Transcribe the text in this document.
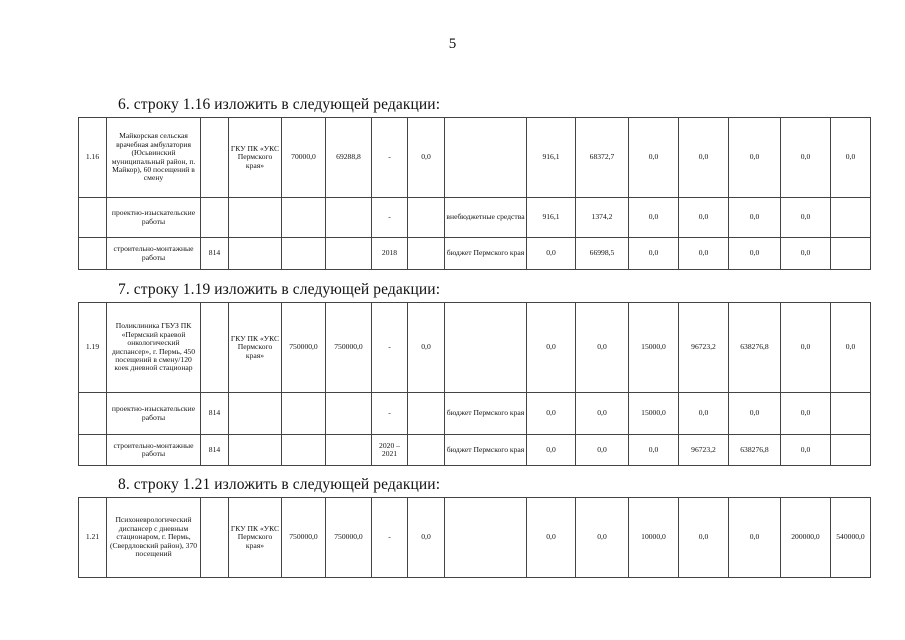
5
6. строку 1.16 изложить в следующей редакции:
1.16	Майкорская сельская врачебная амбулатория (Юсьвинский муниципальный район, п. Майкор), 60 посещений в смену		ГКУ ПК «УКС Пермского края»	70000,0	69288,8	-	0,0		916,1	68372,7	0,0	0,0	0,0	0,0	0,0
	проектно-изыскательские работы					-		внебюджетные средства	916,1	1374,2	0,0	0,0	0,0	0,0	
	строительно-монтажные работы	814				2018		бюджет Пермского края	0,0	66998,5	0,0	0,0	0,0	0,0	
7. строку 1.19 изложить в следующей редакции:
1.19	Поликлиника ГБУЗ ПК «Пермский краевой онкологический диспансер», г. Пермь, 450 посещений в смену/120 коек дневной стационар		ГКУ ПК «УКС Пермского края»	750000,0	750000,0	-	0,0		0,0	0,0	15000,0	96723,2	638276,8	0,0	0,0
	проектно-изыскательские работы	814				-		бюджет Пермского края	0,0	0,0	15000,0	0,0	0,0	0,0	
	строительно-монтажные работы	814				2020 – 2021		бюджет Пермского края	0,0	0,0	0,0	96723,2	638276,8	0,0	
8. строку 1.21 изложить в следующей редакции:
1.21	Психоневрологический диспансер с дневным стационаром, г. Пермь, (Свердловский район), 370 посещений		ГКУ ПК «УКС Пермского края»	750000,0	750000,0	-	0,0		0,0	0,0	10000,0	0,0	0,0	200000,0	540000,0
